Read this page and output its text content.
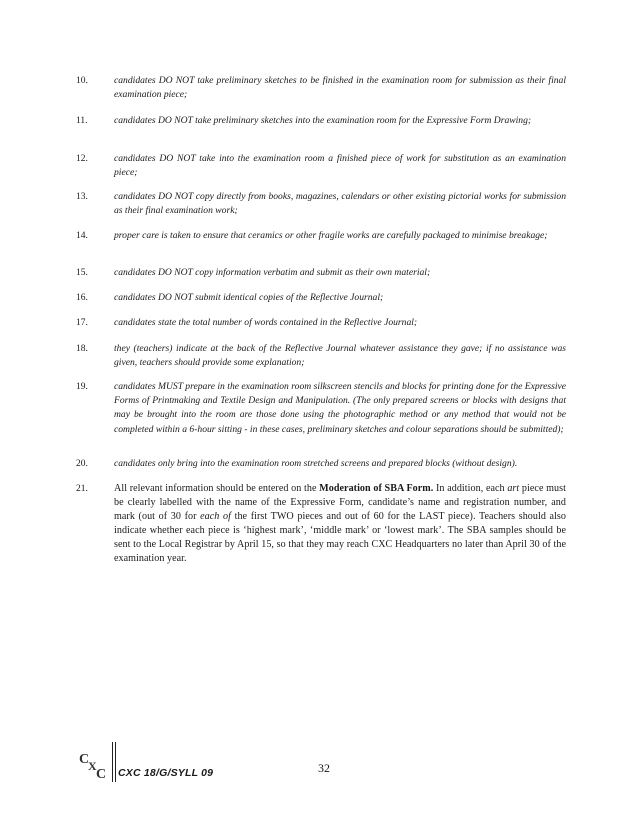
10.	candidates DO NOT take preliminary sketches to be finished in the examination room for submission as their final examination piece;
11.	candidates DO NOT take preliminary sketches into the examination room for the Expressive Form Drawing;
12.	candidates DO NOT take into the examination room a finished piece of work for substitution as an examination piece;
13.	candidates DO NOT copy directly from books, magazines, calendars or other existing pictorial works for submission as their final examination work;
14.	proper care is taken to ensure that ceramics or other fragile works are carefully packaged to minimise breakage;
15.	candidates DO NOT copy information verbatim and submit as their own material;
16.	candidates DO NOT submit identical copies of the Reflective Journal;
17.	candidates state the total number of words contained in the Reflective Journal;
18.	they (teachers) indicate at the back of the Reflective Journal whatever assistance they gave; if no assistance was given, teachers should provide some explanation;
19.	candidates MUST prepare in the examination room silkscreen stencils and blocks for printing done for the Expressive Forms of Printmaking and Textile Design and Manipulation. (The only prepared screens or blocks with designs that may be brought into the room are those done using the photographic method or any method that would not be completed within a 6-hour sitting - in these cases, preliminary sketches and colour separations should be submitted);
20.	candidates only bring into the examination room stretched screens and prepared blocks (without design).
21.	All relevant information should be entered on the Moderation of SBA Form. In addition, each art piece must be clearly labelled with the name of the Expressive Form, candidate’s name and registration number, and mark (out of 30 for each of the first TWO pieces and out of 60 for the LAST piece). Teachers should also indicate whether each piece is ‘highest mark’, ‘middle mark’ or ‘lowest mark’. The SBA samples should be sent to the Local Registrar by April 15, so that they may reach CXC Headquarters no later than April 30 of the examination year.
C
X
C CXC 18/G/SYLL 09	32
